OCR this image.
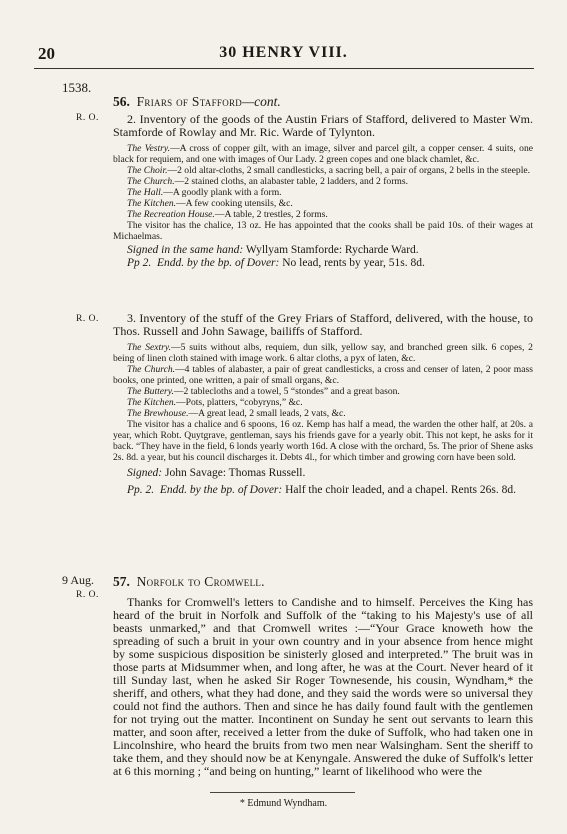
20	30 HENRY VIII.
1538.
R. O.
R. O.
9 Aug.
R. O.
56. Friars of Stafford—cont.

2. Inventory of the goods of the Austin Friars of Stafford, delivered to Master Wm. Stamforde of Rowlay and Mr. Ric. Warde of Tylynton.

The Vestry.—A cross of copper gilt, with an image, silver and parcel gilt, a copper censer. 4 suits, one black for requiem, and one with images of Our Lady. 2 green copes and one black chamlet, &c.

The Choir.—2 old altar-cloths, 2 small candlesticks, a sacring bell, a pair of organs, 2 bells in the steeple.

The Church.—2 stained cloths, an alabaster table, 2 ladders, and 2 forms.

The Hall.—A goodly plank with a form.

The Kitchen.—A few cooking utensils, &c.

The Recreation House.—A table, 2 trestles, 2 forms.

The visitor has the chalice, 13 oz. He has appointed that the cooks shall be paid 10s. of their wages at Michaelmas.

Signed in the same hand: Wyllyam Stamforde: Rycharde Ward.

Pp 2. Endd. by the bp. of Dover: No lead, rents by year, 51s. 8d.

3. Inventory of the stuff of the Grey Friars of Stafford, delivered, with the house, to Thos. Russell and John Sawage, bailiffs of Stafford.

The Sextry.—5 suits without albs, requiem, dun silk, yellow say, and branched green silk. 6 copes, 2 being of linen cloth stained with image work. 6 altar cloths, a pyx of laten, &c.

The Church.—4 tables of alabaster, a pair of great candlesticks, a cross and censer of laten, 2 poor mass books, one printed, one written, a pair of small organs, &c.

The Buttery.—2 tablecloths and a towel, 5 “stondes” and a great bason.

The Kitchen.—Pots, platters, “cobyryns,” &c.

The Brewhouse.—A great lead, 2 small leads, 2 vats, &c.

The visitor has a chalice and 6 spoons, 16 oz. Kemp has half a mead, the warden the other half, at 20s. a year, which Robt. Quytgrave, gentleman, says his friends gave for a yearly obit. This not kept, he asks for it back. “They have in the field, 6 londs yearly worth 16d. A close with the orchard, 5s. The prior of Shene asks 2s. 8d. a year, but his council discharges it. Debts 4l., for which timber and growing corn have been sold.

Signed: John Savage: Thomas Russell.

Pp. 2. Endd. by the bp. of Dover: Half the choir leaded, and a chapel. Rents 26s. 8d.

57. Norfolk to Cromwell.

Thanks for Cromwell's letters to Candishe and to himself. Perceives the King has heard of the bruit in Norfolk and Suffolk of the “taking to his Majesty's use of all beasts unmarked,” and that Cromwell writes :—“Your Grace knoweth how the spreading of such a bruit in your own country and in your absence from hence might by some suspicious disposition be sinisterly glosed and interpreted.” The bruit was in those parts at Midsummer when, and long after, he was at the Court. Never heard of it till Sunday last, when he asked Sir Roger Townesende, his cousin, Wyndham,* the sheriff, and others, what they had done, and they said the words were so universal they could not find the authors. Then and since he has daily found fault with the gentlemen for not trying out the matter. Incontinent on Sunday he sent out servants to learn this matter, and soon after, received a letter from the duke of Suffolk, who had taken one in Lincolnshire, who heard the bruits from two men near Walsingham. Sent the sheriff to take them, and they should now be at Kenyngale. Answered the duke of Suffolk's letter at 6 this morning ; “and being on hunting,” learnt of likelihood who were the

* Edmund Wyndham.
